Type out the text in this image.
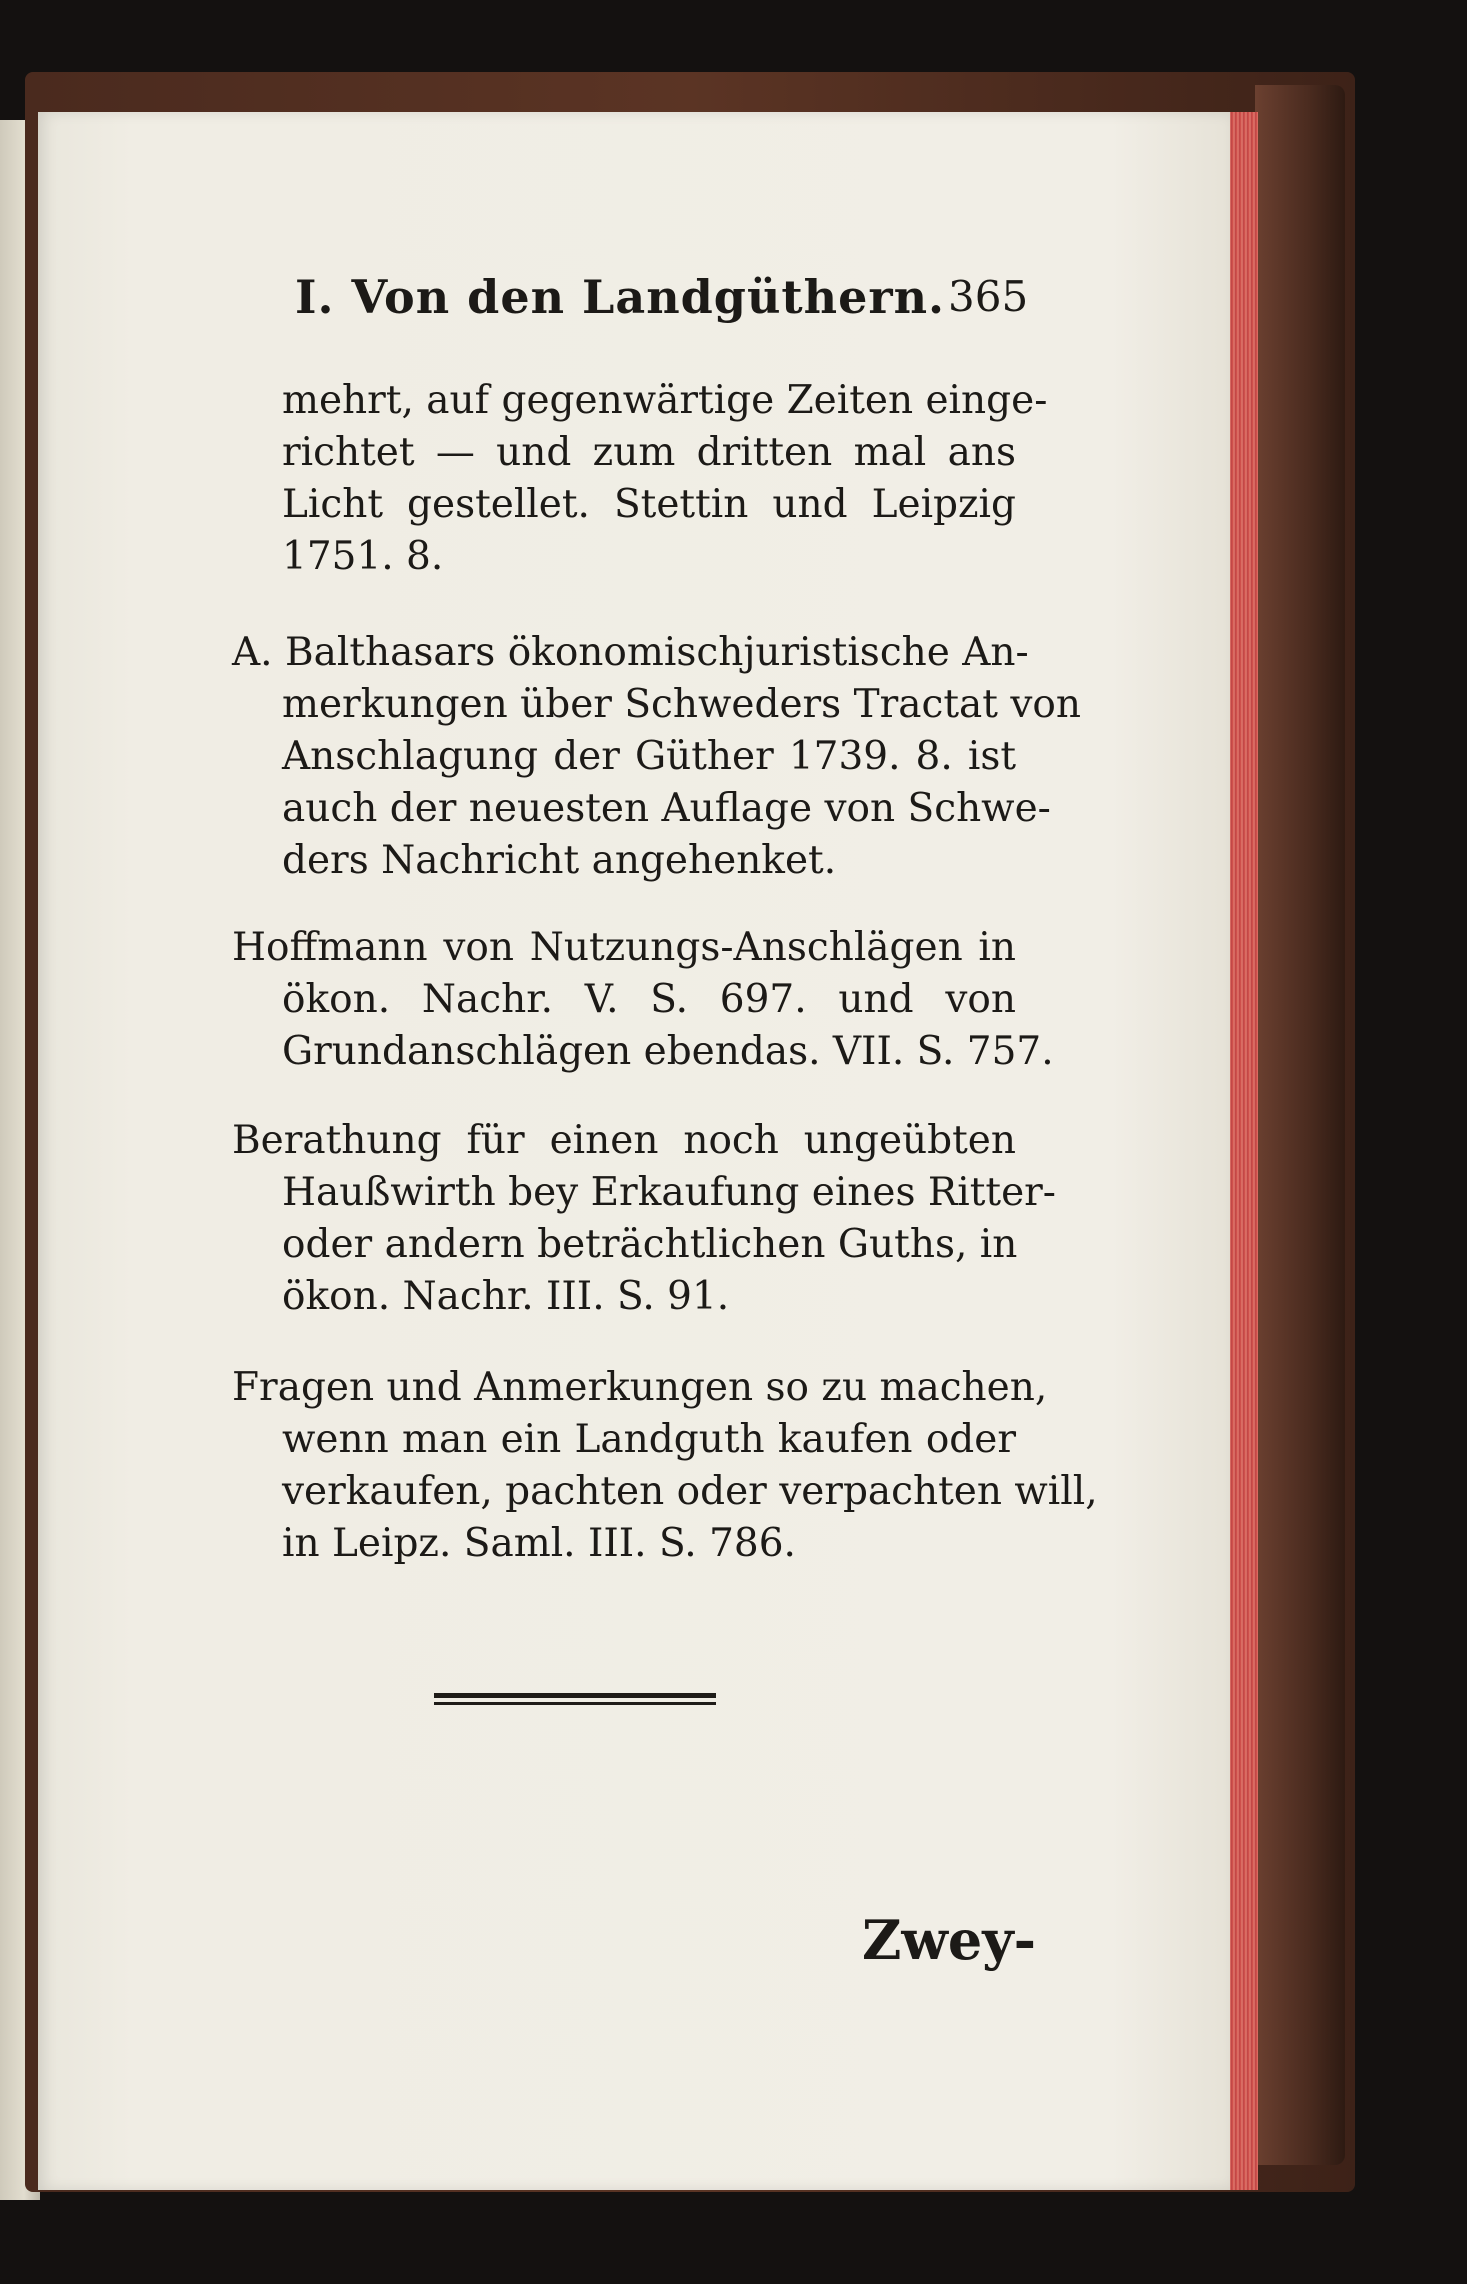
I. Von den Landgüthern. 365
mehrt, auf gegenwärtige Zeiten einge-
richtet — und zum dritten mal ans
Licht gestellet. Stettin und Leipzig
1751. 8.
A. Balthasars ökonomischjuristische An-
merkungen über Schweders Tractat von
Anschlagung der Güther 1739. 8. ist
auch der neuesten Auflage von Schwe-
ders Nachricht angehenket.
Hoffmann von Nutzungs-Anschlägen in
ökon. Nachr. V. S. 697. und von
Grundanschlägen ebendas. VII. S. 757.
Berathung für einen noch ungeübten
Haußwirth bey Erkaufung eines Ritter-
oder andern beträchtlichen Guths, in
ökon. Nachr. III. S. 91.
Fragen und Anmerkungen so zu machen,
wenn man ein Landguth kaufen oder
verkaufen, pachten oder verpachten will,
in Leipz. Saml. III. S. 786.
Zwey-
